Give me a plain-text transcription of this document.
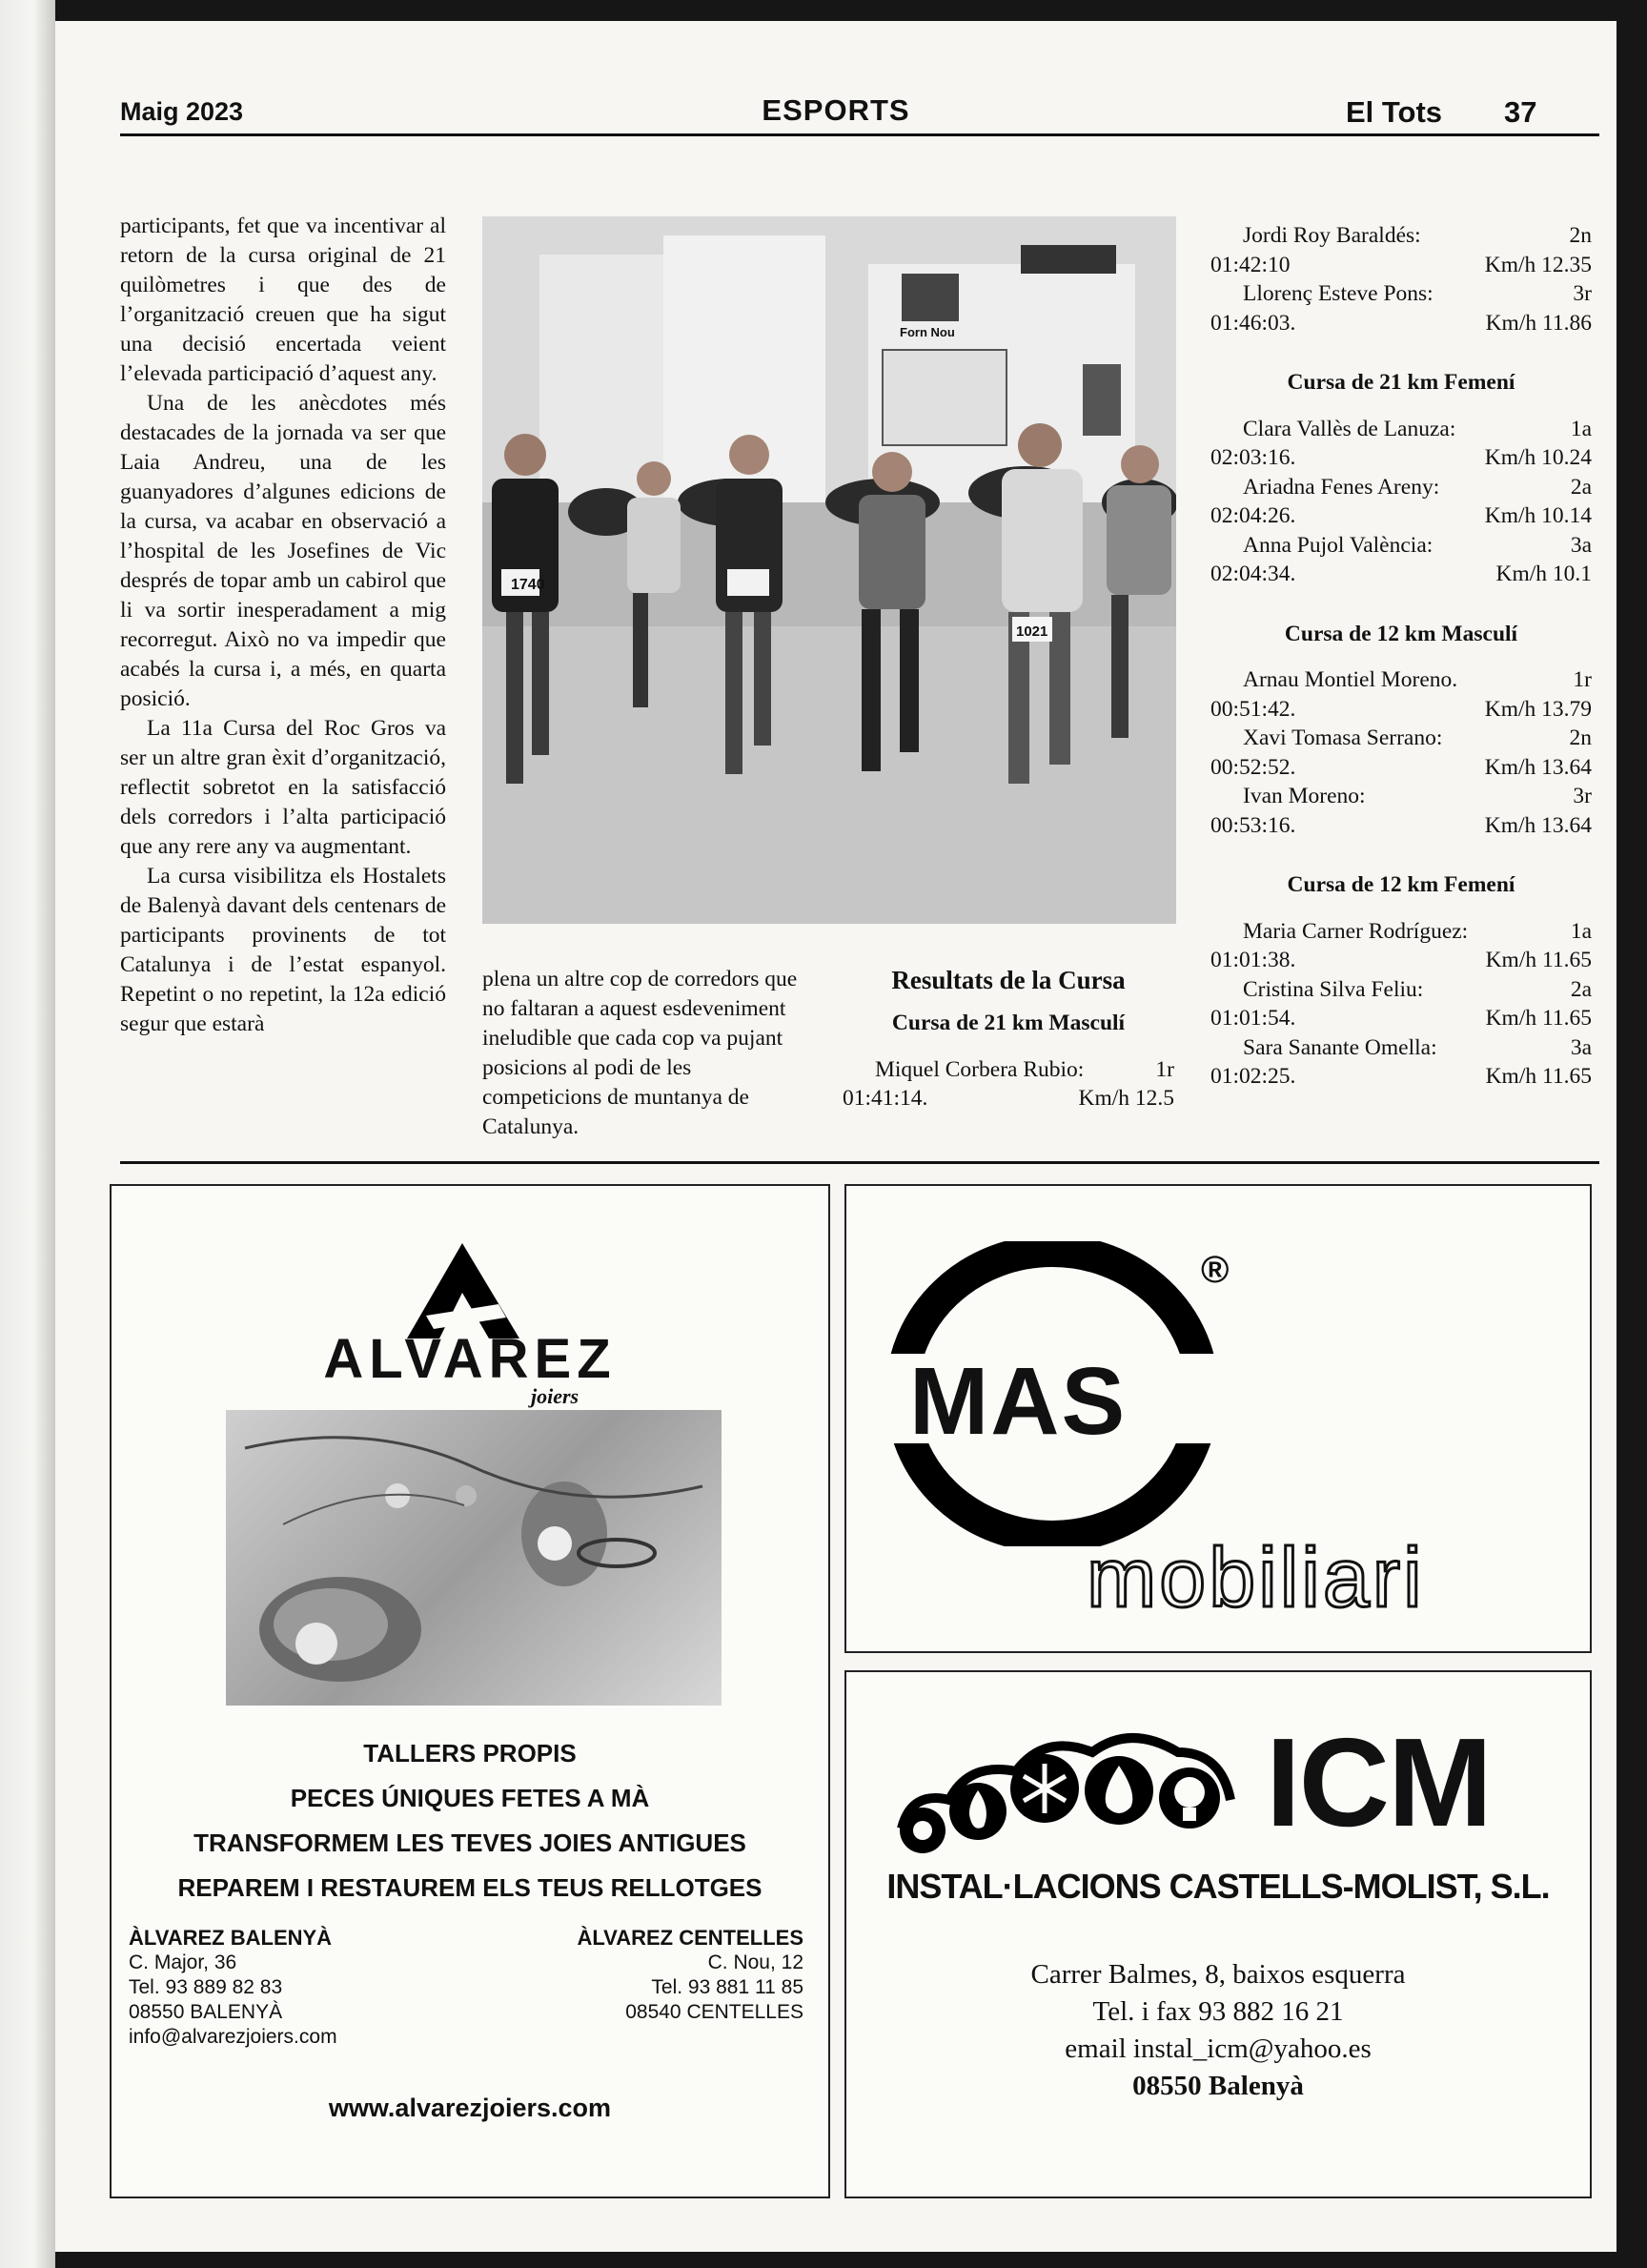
Maig 2023	ESPORTS	El Tots 37

participants, fet que va incentivar al retorn de la cursa original de 21 quilòmetres i que des de l’organització creuen que ha sigut una decisió encertada veient l’elevada participació d’aquest any.

Una de les anècdotes més destacades de la jornada va ser que Laia Andreu, una de les guanyadores d’algunes edicions de la cursa, va acabar en observació a l’hospital de les Josefines de Vic després de topar amb un cabirol que li va sortir inesperadament a mig recorregut. Això no va impedir que acabés la cursa i, a més, en quarta posició.

La 11a Cursa del Roc Gros va ser un altre gran èxit d’organització, reflectit sobretot en la satisfacció dels corredors i l’alta participació que any rere any va augmentant.

La cursa visibilitza els Hostalets de Balenyà davant dels centenars de participants provinents de tot Catalunya i de l’estat espanyol. Repetint o no repetint, la 12a edició segur que estarà

1740
1021
Forn Nou

plena un altre cop de corredors que no faltaran a aquest esdeveniment ineludible que cada cop va pujant posicions al podi de les competicions de muntanya de Catalunya.

Resultats de la Cursa
Cursa de 21 km Masculí
Miquel Corbera Rubio:	1r
01:41:14.	Km/h 12.5
Jordi Roy Baraldés:	2n
01:42:10	Km/h 12.35
Llorenç Esteve Pons:	3r
01:46:03.	Km/h 11.86
Cursa de 21 km Femení
Clara Vallès de Lanuza:	1a
02:03:16.	Km/h 10.24
Ariadna Fenes Areny:	2a
02:04:26.	Km/h 10.14
Anna Pujol València:	3a
02:04:34.	Km/h 10.1
Cursa de 12 km Masculí
Arnau Montiel Moreno.	1r
00:51:42.	Km/h 13.79
Xavi Tomasa Serrano:	2n
00:52:52.	Km/h 13.64
Ivan Moreno:	3r
00:53:16.	Km/h 13.64
Cursa de 12 km Femení
Maria Carner Rodríguez:	1a
01:01:38.	Km/h 11.65
Cristina Silva Feliu:	2a
01:01:54.	Km/h 11.65
Sara Sanante Omella:	3a
01:02:25.	Km/h 11.65
ALVAREZ
joiers
TALLERS PROPIS
PECES ÚNIQUES FETES A MÀ
TRANSFORMEM LES TEVES JOIES ANTIGUES
REPAREM I RESTAUREM ELS TEUS RELLOTGES
ÀLVAREZ BALENYÀ
C. Major, 36
Tel. 93 889 82 83
08550 BALENYÀ
info@alvarezjoiers.com
ÀLVAREZ CENTELLES
C. Nou, 12
Tel. 93 881 11 85
08540 CENTELLES
www.alvarezjoiers.com
MAS
®
mobiliari
ICM
INSTAL·LACIONS CASTELLS-MOLIST, S.L.
Carrer Balmes, 8, baixos esquerra
Tel. i fax 93 882 16 21
email instal_icm@yahoo.es
08550 Balenyà
